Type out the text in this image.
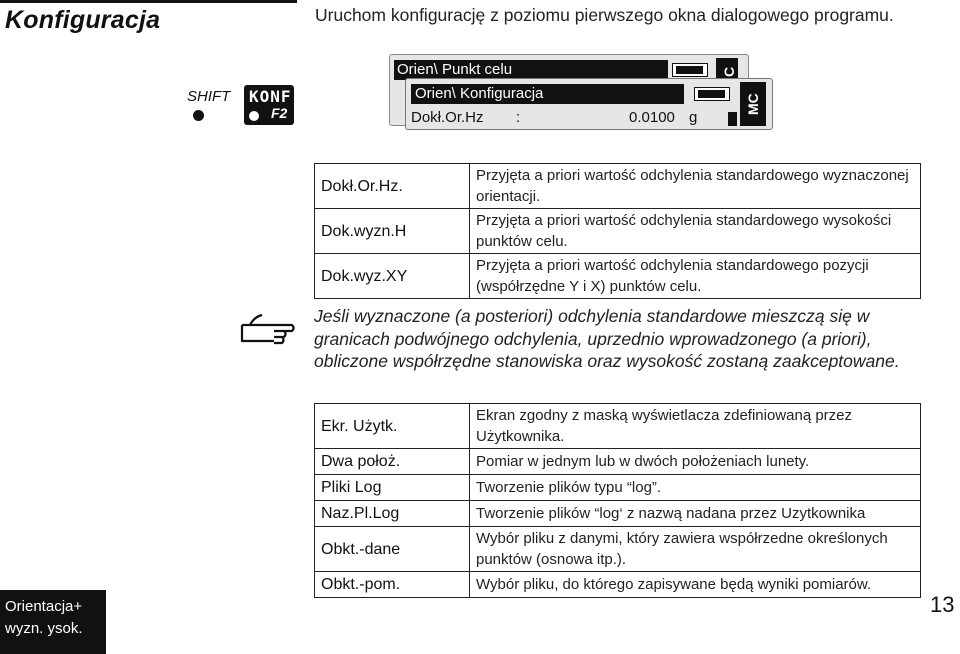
Konfiguracja	Uruchom konfigurację z poziomu pierwszego okna dialogowego programu.
SHIFT KONF
F2
Orien\ Punkt celu	C
Orien\ Konfiguracja
Dokł.Or.Hz :	0.0100 g
MC
Dokł.Or.Hz.	Przyjęta a priori wartość odchylenia standardowego wyznaczonej orientacji.
Dok.wyzn.H	Przyjęta a priori wartość odchylenia standardowego wysokości punktów celu.
Dok.wyz.XY	Przyjęta a priori wartość odchylenia standardowego pozycji (współrzędne Y i X) punktów celu.
Jeśli wyznaczone (a posteriori) odchylenia standardowe mieszczą się w granicach podwójnego odchylenia, uprzednio wprowadzonego (a priori), obliczone współrzędne stanowiska oraz wysokość zostaną zaakceptowane.
Ekr. Użytk.	Ekran zgodny z maską wyświetlacza zdefiniowaną przez Użytkownika.
Dwa położ.	Pomiar w jednym lub w dwóch położeniach lunety.
Pliki Log	Tworzenie plików typu “log”.
Naz.Pl.Log	Tworzenie plików “log‘ z nazwą nadana przez Uzytkownika
Obkt.-dane	Wybór pliku z danymi, który zawiera współrzedne określonych punktów (osnowa itp.).
Obkt.-pom.	Wybór pliku, do którego zapisywane będą wyniki pomiarów.
Orientacja+
wyzn. ysok.
13
